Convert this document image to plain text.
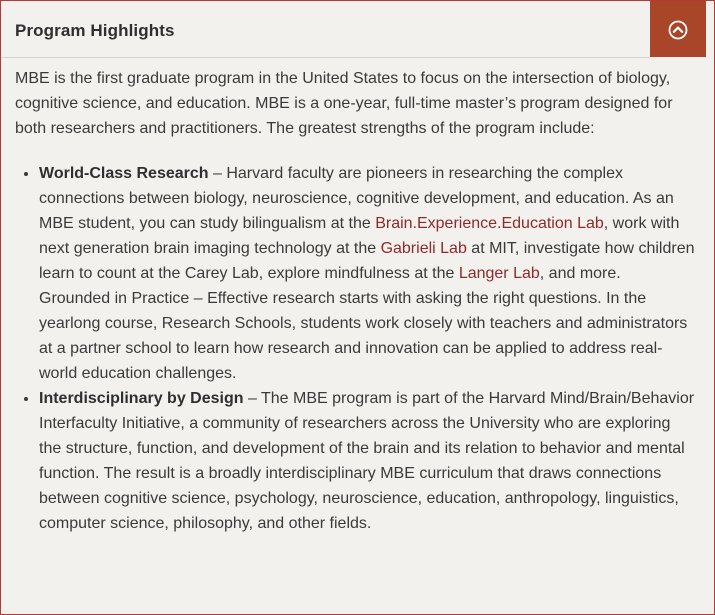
Program Highlights

MBE is the first graduate program in the United States to focus on the intersection of biology, cognitive science, and education. MBE is a one-year, full-time master’s program designed for both researchers and practitioners. The greatest strengths of the program include:

• World-Class Research – Harvard faculty are pioneers in researching the complex connections between biology, neuroscience, cognitive development, and education. As an MBE student, you can study bilingualism at the Brain.Experience.Education Lab, work with next generation brain imaging technology at the Gabrieli Lab at MIT, investigate how children learn to count at the Carey Lab, explore mindfulness at the Langer Lab, and more. Grounded in Practice – Effective research starts with asking the right questions. In the yearlong course, Research Schools, students work closely with teachers and administrators at a partner school to learn how research and innovation can be applied to address real-world education challenges.
• Interdisciplinary by Design – The MBE program is part of the Harvard Mind/Brain/Behavior Interfaculty Initiative, a community of researchers across the University who are exploring the structure, function, and development of the brain and its relation to behavior and mental function. The result is a broadly interdisciplinary MBE curriculum that draws connections between cognitive science, psychology, neuroscience, education, anthropology, linguistics, computer science, philosophy, and other fields.
